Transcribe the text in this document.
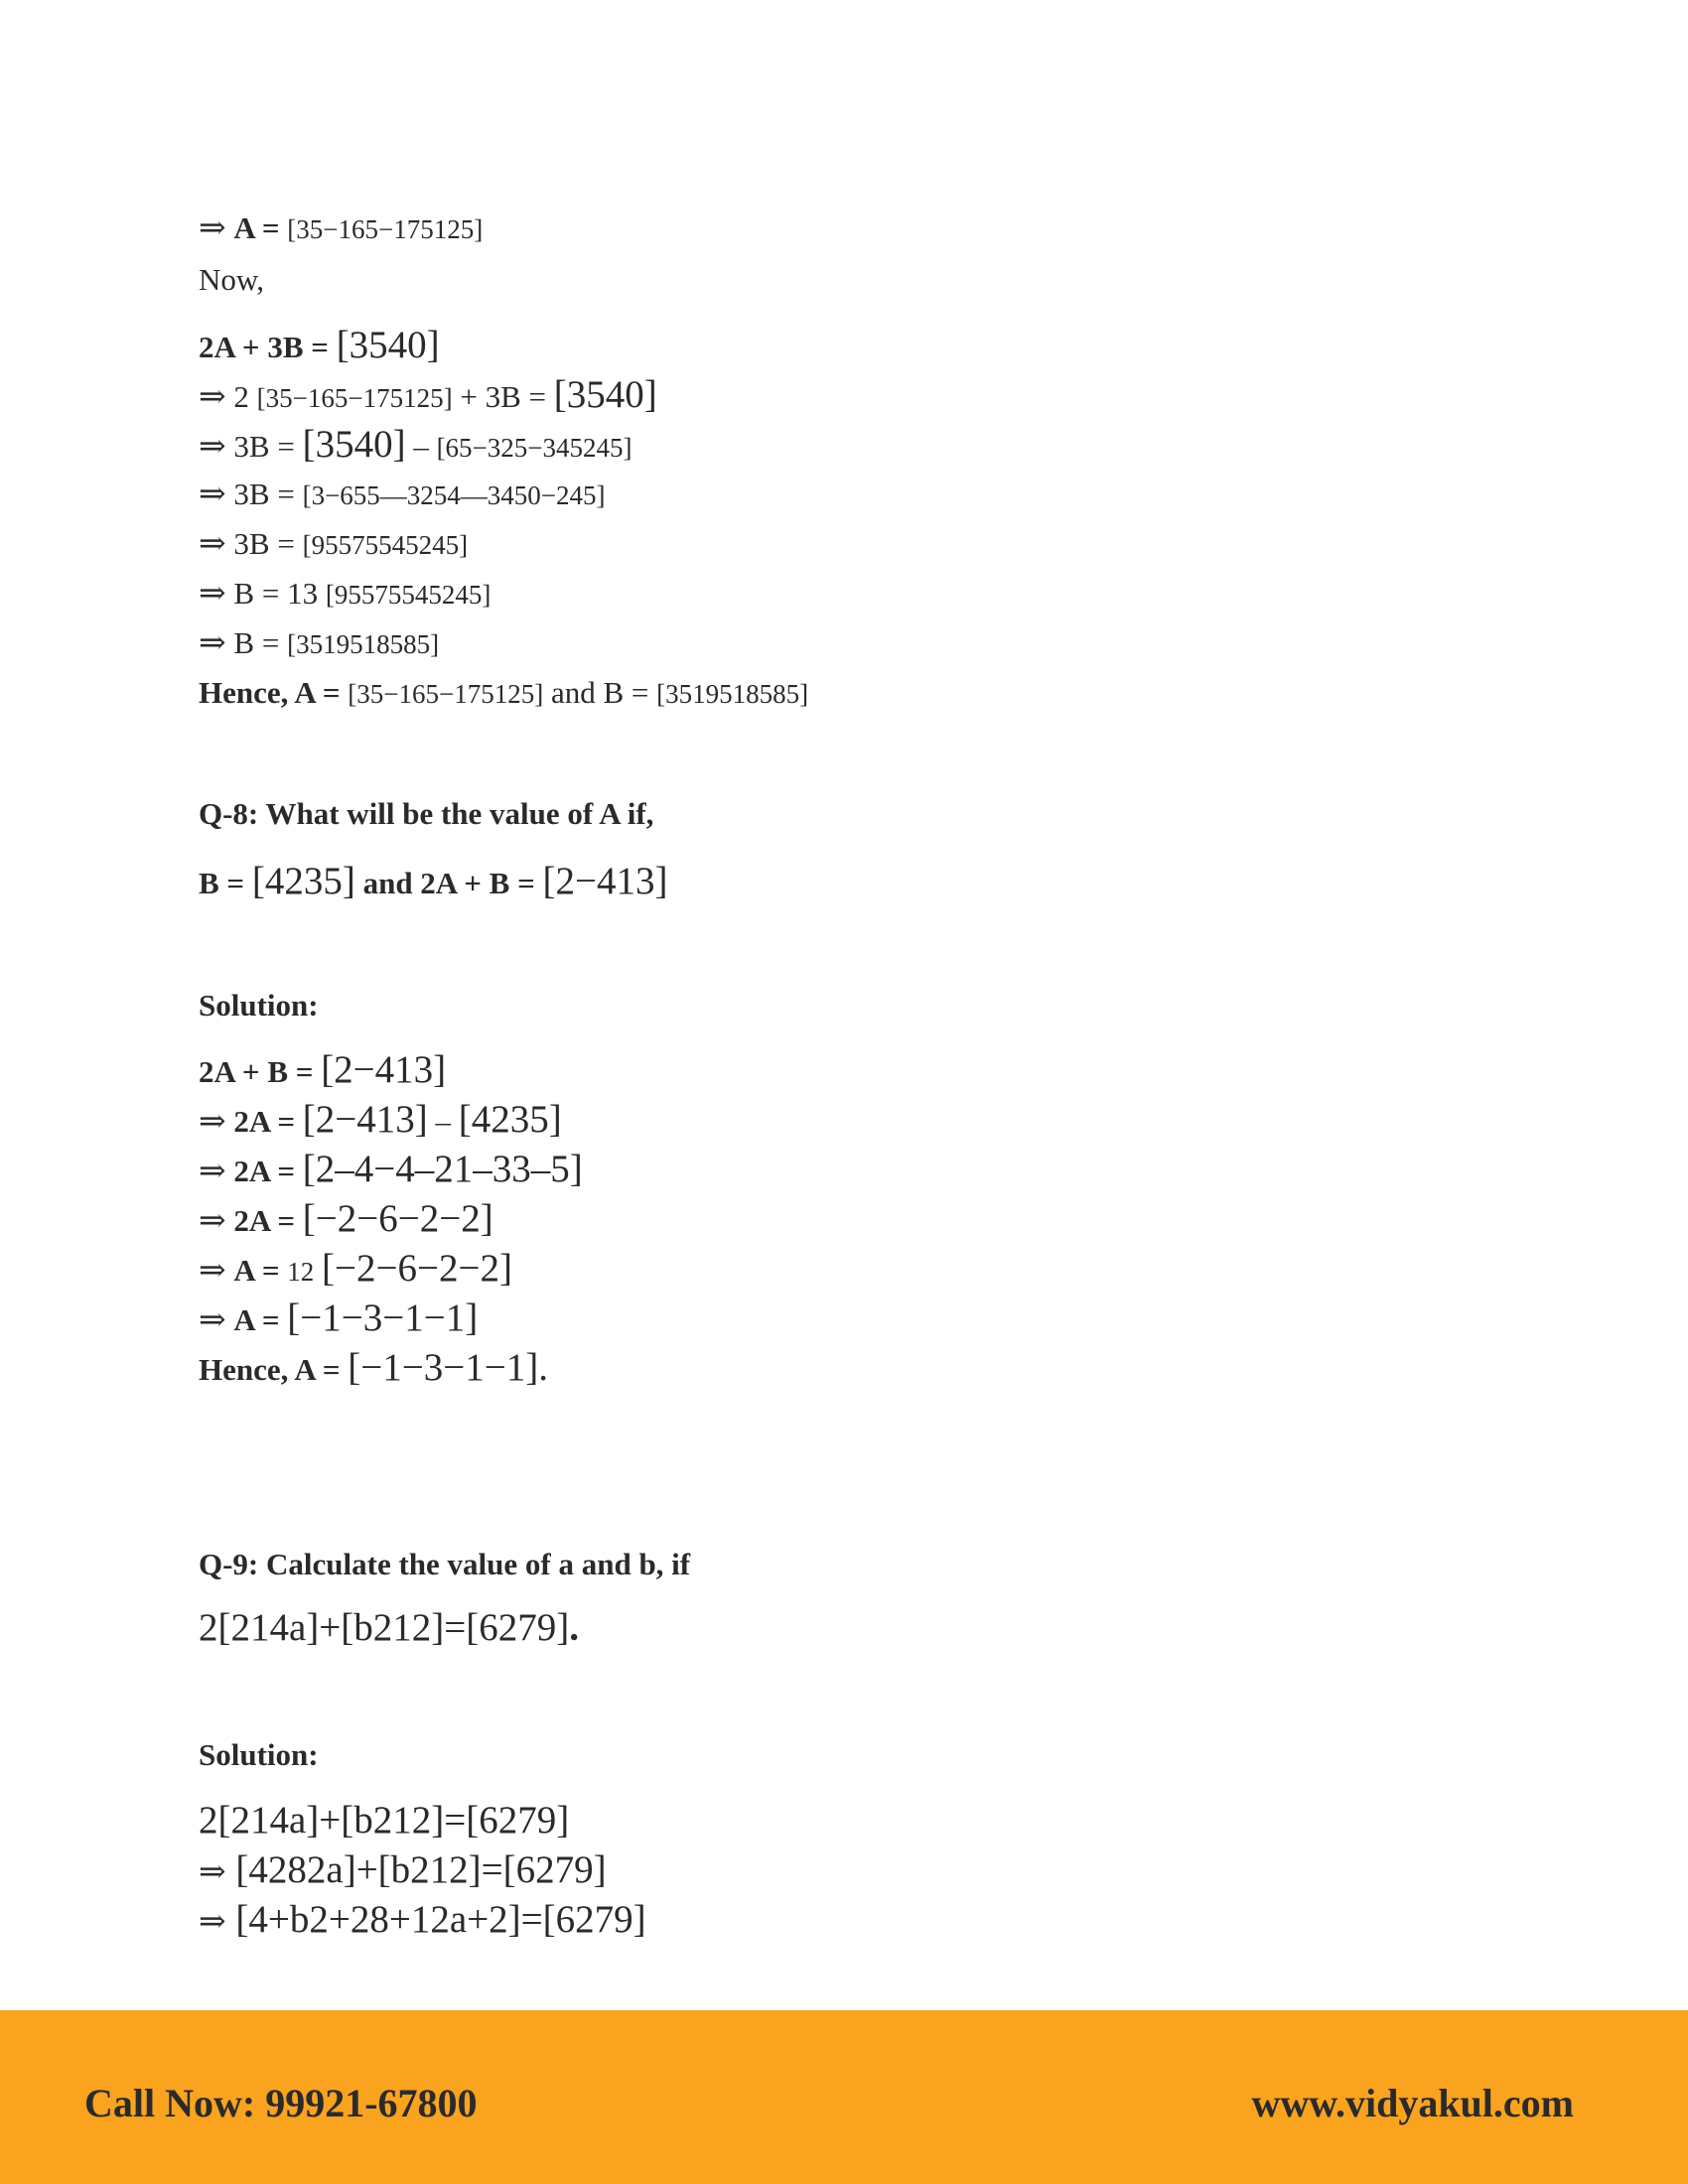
⇒ A = [35−165−175125]
Now,
2A + 3B = [3540]
⇒ 2 [35−165−175125] + 3B = [3540]
⇒ 3B = [3540] – [65−325−345245]
⇒ 3B = [3−655—3254—3450−245]
⇒ 3B = [95575545245]
⇒ B = 13 [95575545245]
⇒ B = [3519518585]
Hence, A = [35−165−175125] and B = [3519518585]
Q-8: What will be the value of A if,
B = [4235] and 2A + B = [2−413]
Solution:
2A + B = [2−413]
⇒ 2A = [2−413] – [4235]
⇒ 2A = [2–4−4–21–33–5]
⇒ 2A = [−2−6−2−2]
⇒ A = 12 [−2−6−2−2]
⇒ A = [−1−3−1−1]
Hence, A = [−1−3−1−1].
Q-9: Calculate the value of a and b, if
2[214a]+[b212]=[6279].
Solution:
2[214a]+[b212]=[6279]
⇒ [4282a]+[b212]=[6279]
⇒ [4+b2+28+12a+2]=[6279]
Call Now: 99921-67800	www.vidyakul.com
